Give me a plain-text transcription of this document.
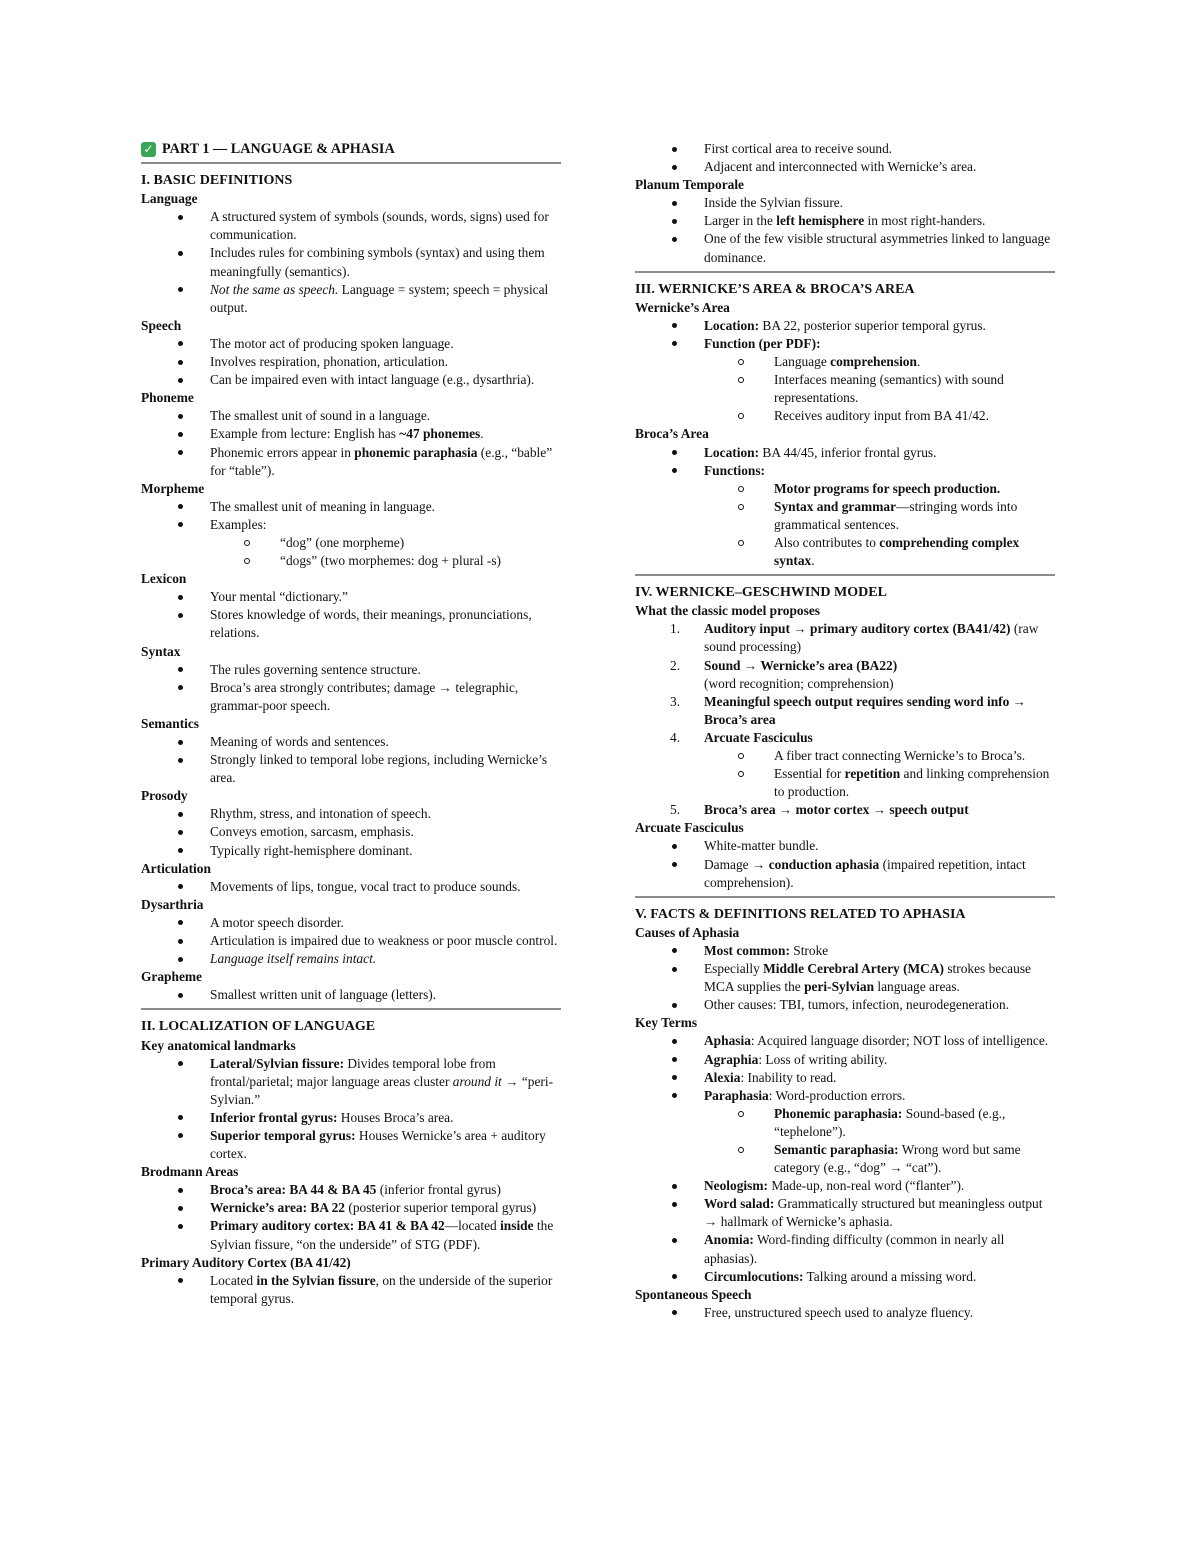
✓ PART 1 — LANGUAGE & APHASIA
I. BASIC DEFINITIONS
Language
A structured system of symbols (sounds, words, signs) used for communication.
Includes rules for combining symbols (syntax) and using them meaningfully (semantics).
Not the same as speech. Language = system; speech = physical output.
Speech
The motor act of producing spoken language.
Involves respiration, phonation, articulation.
Can be impaired even with intact language (e.g., dysarthria).
Phoneme
The smallest unit of sound in a language.
Example from lecture: English has ~47 phonemes.
Phonemic errors appear in phonemic paraphasia (e.g., “bable” for “table”).
Morpheme
The smallest unit of meaning in language.
Examples:
“dog” (one morpheme)
“dogs” (two morphemes: dog + plural -s)
Lexicon
Your mental “dictionary.”
Stores knowledge of words, their meanings, pronunciations, relations.
Syntax
The rules governing sentence structure.
Broca’s area strongly contributes; damage → telegraphic, grammar-poor speech.
Semantics
Meaning of words and sentences.
Strongly linked to temporal lobe regions, including Wernicke’s area.
Prosody
Rhythm, stress, and intonation of speech.
Conveys emotion, sarcasm, emphasis.
Typically right-hemisphere dominant.
Articulation
Movements of lips, tongue, vocal tract to produce sounds.
Dysarthria
A motor speech disorder.
Articulation is impaired due to weakness or poor muscle control.
Language itself remains intact.
Grapheme
Smallest written unit of language (letters).
II. LOCALIZATION OF LANGUAGE
Key anatomical landmarks
Lateral/Sylvian fissure: Divides temporal lobe from frontal/parietal; major language areas cluster around it → “peri-Sylvian.”
Inferior frontal gyrus: Houses Broca’s area.
Superior temporal gyrus: Houses Wernicke’s area + auditory cortex.
Brodmann Areas
Broca’s area: BA 44 & BA 45 (inferior frontal gyrus)
Wernicke’s area: BA 22 (posterior superior temporal gyrus)
Primary auditory cortex: BA 41 & BA 42—located inside the Sylvian fissure, “on the underside” of STG (PDF).
Primary Auditory Cortex (BA 41/42)
Located in the Sylvian fissure, on the underside of the superior temporal gyrus.
First cortical area to receive sound.
Adjacent and interconnected with Wernicke’s area.
Planum Temporale
Inside the Sylvian fissure.
Larger in the left hemisphere in most right-handers.
One of the few visible structural asymmetries linked to language dominance.
III. WERNICKE’S AREA & BROCA’S AREA
Wernicke’s Area
Location: BA 22, posterior superior temporal gyrus.
Function (per PDF):
Language comprehension.
Interfaces meaning (semantics) with sound representations.
Receives auditory input from BA 41/42.
Broca’s Area
Location: BA 44/45, inferior frontal gyrus.
Functions:
Motor programs for speech production.
Syntax and grammar—stringing words into grammatical sentences.
Also contributes to comprehending complex syntax.
IV. WERNICKE–GESCHWIND MODEL
What the classic model proposes
1. Auditory input → primary auditory cortex (BA41/42) (raw sound processing)
2. Sound → Wernicke’s area (BA22)
(word recognition; comprehension)
3. Meaningful speech output requires sending word info → Broca’s area
4. Arcuate Fasciculus
A fiber tract connecting Wernicke’s to Broca’s.
Essential for repetition and linking comprehension to production.
5. Broca’s area → motor cortex → speech output
Arcuate Fasciculus
White-matter bundle.
Damage → conduction aphasia (impaired repetition, intact comprehension).
V. FACTS & DEFINITIONS RELATED TO APHASIA
Causes of Aphasia
Most common: Stroke
Especially Middle Cerebral Artery (MCA) strokes because MCA supplies the peri-Sylvian language areas.
Other causes: TBI, tumors, infection, neurodegeneration.
Key Terms
Aphasia: Acquired language disorder; NOT loss of intelligence.
Agraphia: Loss of writing ability.
Alexia: Inability to read.
Paraphasia: Word-production errors.
Phonemic paraphasia: Sound-based (e.g., “tephelone”).
Semantic paraphasia: Wrong word but same category (e.g., “dog” → “cat”).
Neologism: Made-up, non-real word (“flanter”).
Word salad: Grammatically structured but meaningless output → hallmark of Wernicke’s aphasia.
Anomia: Word-finding difficulty (common in nearly all aphasias).
Circumlocutions: Talking around a missing word.
Spontaneous Speech
Free, unstructured speech used to analyze fluency.
